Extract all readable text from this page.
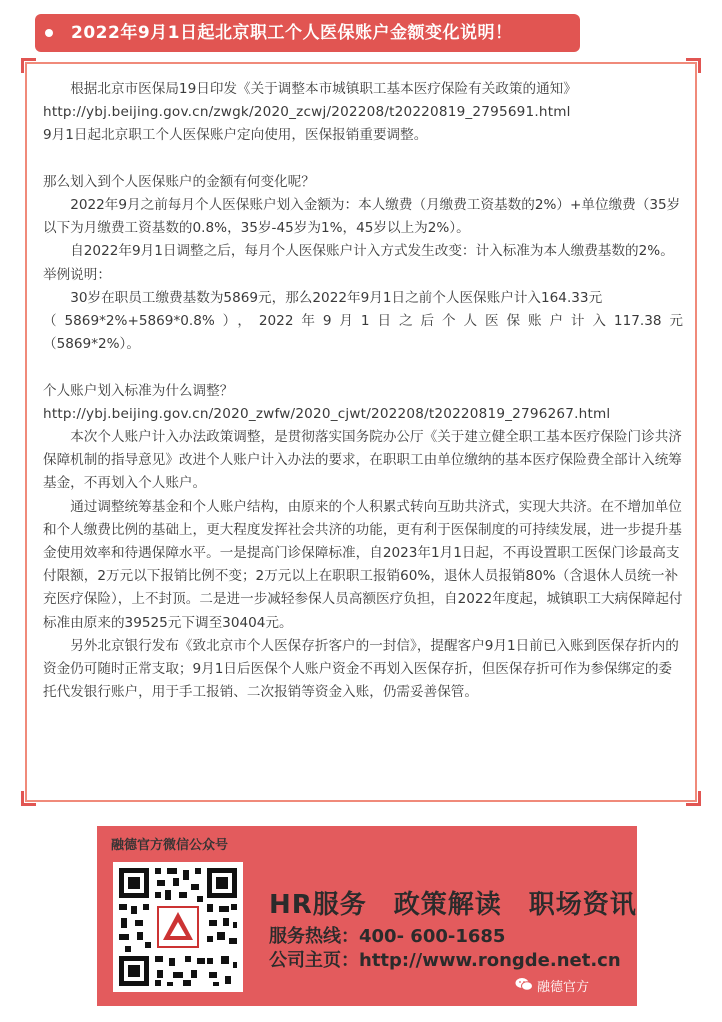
2022年9月1日起北京职工个人医保账户金额变化说明！

根据北京市医保局19日印发《关于调整本市城镇职工基本医疗保险有关政策的通知》

http://ybj.beijing.gov.cn/zwgk/2020_zcwj/202208/t20220819_2795691.html

9月1日起北京职工个人医保账户定向使用，医保报销重要调整。

那么划入到个人医保账户的金额有何变化呢？

2022年9月之前每月个人医保账户划入金额为：本人缴费（月缴费工资基数的2%）+单位缴费（35岁以下为月缴费工资基数的0.8%，35岁-45岁为1%，45岁以上为2%）。

自2022年9月1日调整之后，每月个人医保账户计入方式发生改变：计入标准为本人缴费基数的2%。

举例说明：

30岁在职员工缴费基数为5869元，那么2022年9月1日之前个人医保账户计入164.33元

（5869*2%+5869*0.8%），2022年9月1日之后个人医保账户计入117.38元

（5869*2%）。

个人账户划入标准为什么调整？

http://ybj.beijing.gov.cn/2020_zwfw/2020_cjwt/202208/t20220819_2796267.html

本次个人账户计入办法政策调整，是贯彻落实国务院办公厅《关于建立健全职工基本医疗保险门诊共济保障机制的指导意见》改进个人账户计入办法的要求，在职职工由单位缴纳的基本医疗保险费全部计入统筹基金，不再划入个人账户。

通过调整统筹基金和个人账户结构，由原来的个人积累式转向互助共济式，实现大共济。在不增加单位和个人缴费比例的基础上，更大程度发挥社会共济的功能，更有利于医保制度的可持续发展，进一步提升基金使用效率和待遇保障水平。一是提高门诊保障标准，自2023年1月1日起，不再设置职工医保门诊最高支付限额，2万元以下报销比例不变；2万元以上在职职工报销60%，退休人员报销80%（含退休人员统一补充医疗保险），上不封顶。二是进一步减轻参保人员高额医疗负担，自2022年度起，城镇职工大病保障起付标准由原来的39525元下调至30404元。

另外北京银行发布《致北京市个人医保存折客户的一封信》，提醒客户9月1日前已入账到医保存折内的资金仍可随时正常支取；9月1日后医保个人账户资金不再划入医保存折，但医保存折可作为参保绑定的委托代发银行账户，用于手工报销、二次报销等资金入账，仍需妥善保管。

融德官方微信公众号
HR服务　政策解读　职场资讯
服务热线：400- 600-1685
公司主页：http://www.rongde.net.cn
融德官方
